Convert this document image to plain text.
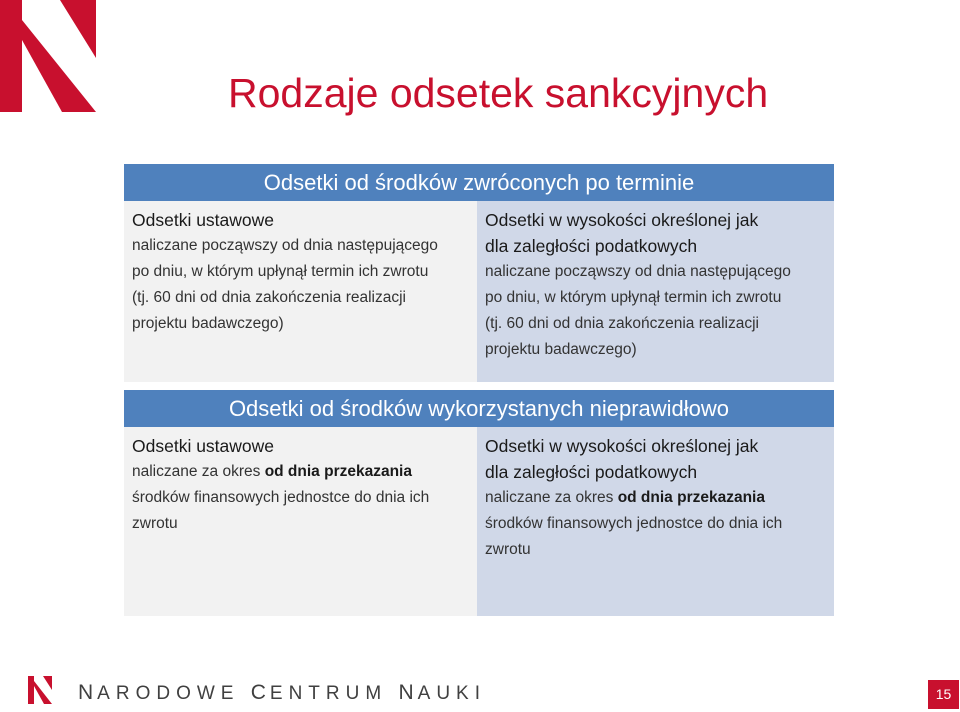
Rodzaje odsetek sankcyjnych
Odsetki od środków zwróconych po terminie
Odsetki ustawowe
naliczane począwszy od dnia następującego
po dniu, w którym upłynął termin ich zwrotu
(tj. 60 dni od dnia zakończenia realizacji
projektu badawczego)
Odsetki w wysokości określonej jak
dla zaległości podatkowych
naliczane począwszy od dnia następującego
po dniu, w którym upłynął termin ich zwrotu
(tj. 60 dni od dnia zakończenia realizacji
projektu badawczego)
Odsetki od środków wykorzystanych nieprawidłowo
Odsetki ustawowe
naliczane za okres od dnia przekazania
środków finansowych jednostce do dnia ich
zwrotu
Odsetki w wysokości określonej jak
dla zaległości podatkowych
naliczane za okres od dnia przekazania
środków finansowych jednostce do dnia ich
zwrotu
NARODOWE CENTRUM NAUKI	15
